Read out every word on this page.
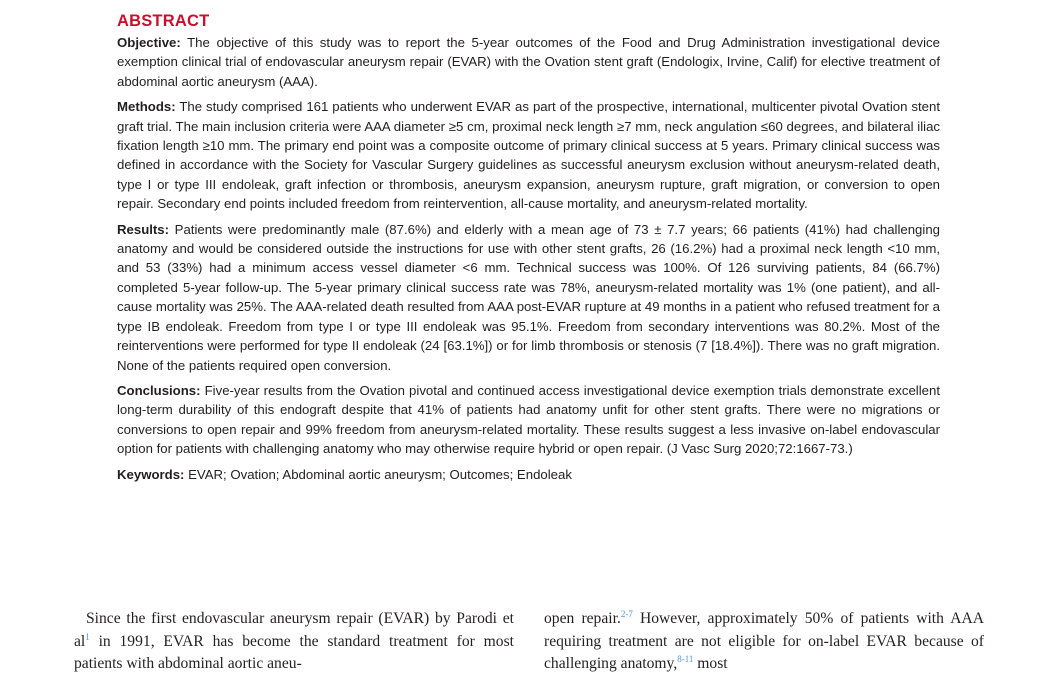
ABSTRACT

Objective: The objective of this study was to report the 5-year outcomes of the Food and Drug Administration investigational device exemption clinical trial of endovascular aneurysm repair (EVAR) with the Ovation stent graft (Endologix, Irvine, Calif) for elective treatment of abdominal aortic aneurysm (AAA).

Methods: The study comprised 161 patients who underwent EVAR as part of the prospective, international, multicenter pivotal Ovation stent graft trial. The main inclusion criteria were AAA diameter ≥5 cm, proximal neck length ≥7 mm, neck angulation ≤60 degrees, and bilateral iliac fixation length ≥10 mm. The primary end point was a composite outcome of primary clinical success at 5 years. Primary clinical success was defined in accordance with the Society for Vascular Surgery guidelines as successful aneurysm exclusion without aneurysm-related death, type I or type III endoleak, graft infection or thrombosis, aneurysm expansion, aneurysm rupture, graft migration, or conversion to open repair. Secondary end points included freedom from reintervention, all-cause mortality, and aneurysm-related mortality.

Results: Patients were predominantly male (87.6%) and elderly with a mean age of 73 ± 7.7 years; 66 patients (41%) had challenging anatomy and would be considered outside the instructions for use with other stent grafts, 26 (16.2%) had a proximal neck length <10 mm, and 53 (33%) had a minimum access vessel diameter <6 mm. Technical success was 100%. Of 126 surviving patients, 84 (66.7%) completed 5-year follow-up. The 5-year primary clinical success rate was 78%, aneurysm-related mortality was 1% (one patient), and all-cause mortality was 25%. The AAA-related death resulted from AAA post-EVAR rupture at 49 months in a patient who refused treatment for a type IB endoleak. Freedom from type I or type III endoleak was 95.1%. Freedom from secondary interventions was 80.2%. Most of the reinterventions were performed for type II endoleak (24 [63.1%]) or for limb thrombosis or stenosis (7 [18.4%]). There was no graft migration. None of the patients required open conversion.

Conclusions: Five-year results from the Ovation pivotal and continued access investigational device exemption trials demonstrate excellent long-term durability of this endograft despite that 41% of patients had anatomy unfit for other stent grafts. There were no migrations or conversions to open repair and 99% freedom from aneurysm-related mortality. These results suggest a less invasive on-label endovascular option for patients with challenging anatomy who may otherwise require hybrid or open repair. (J Vasc Surg 2020;72:1667-73.)

Keywords: EVAR; Ovation; Abdominal aortic aneurysm; Outcomes; Endoleak

Since the first endovascular aneurysm repair (EVAR) by Parodi et al$^1$ in 1991, EVAR has become the standard treatment for most patients with abdominal aortic aneu-
open repair.$^{2-7}$ However, approximately 50% of patients with AAA requiring treatment are not eligible for on-label EVAR because of challenging anatomy,$^{8-11}$ most
